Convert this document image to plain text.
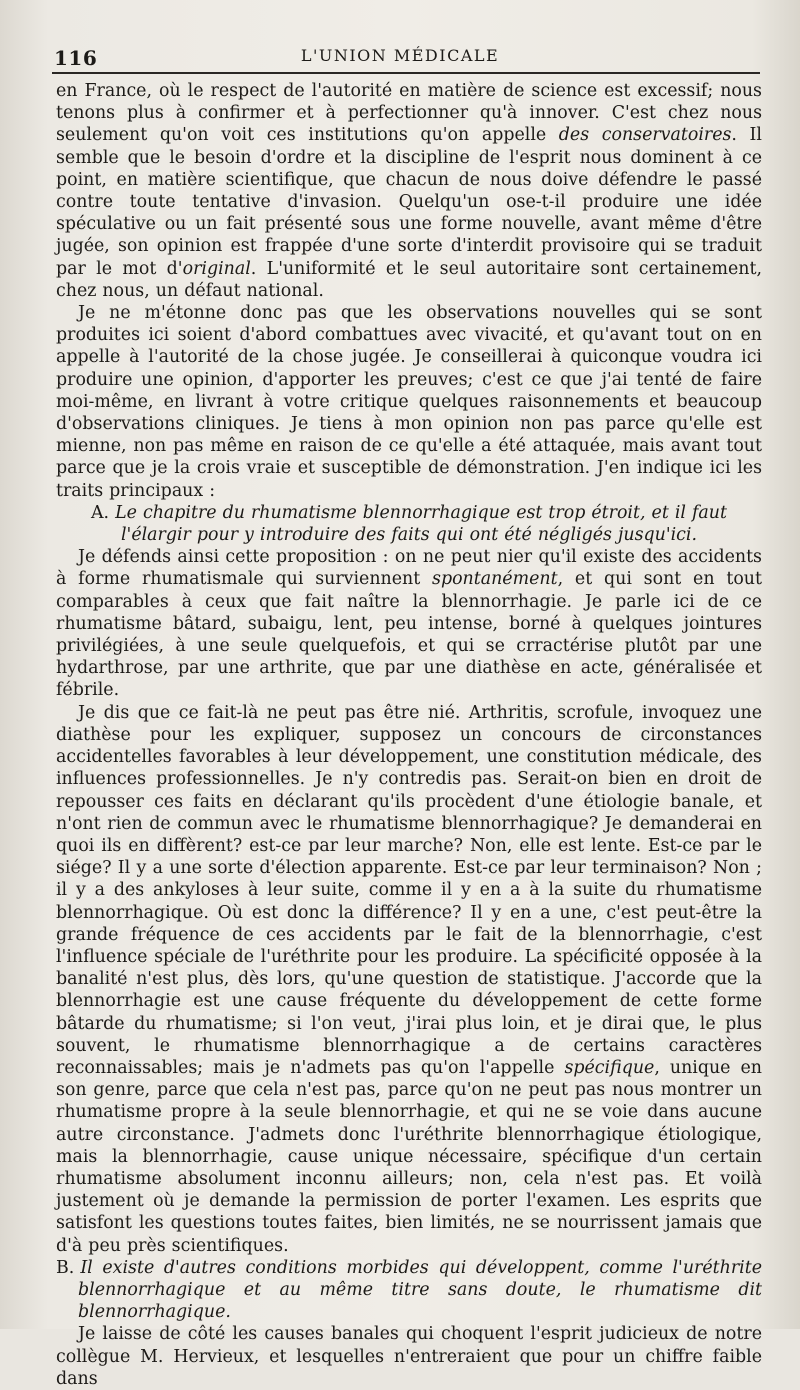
116	L'UNION MÉDICALE

en France, où le respect de l'autorité en matière de science est excessif; nous tenons plus à confirmer et à perfectionner qu'à innover. C'est chez nous seulement qu'on voit ces institutions qu'on appelle des conservatoires. Il semble que le besoin d'ordre et la discipline de l'esprit nous dominent à ce point, en matière scientifique, que chacun de nous doive défendre le passé contre toute tentative d'invasion. Quelqu'un ose-t-il produire une idée spéculative ou un fait présenté sous une forme nouvelle, avant même d'être jugée, son opinion est frappée d'une sorte d'interdit provisoire qui se traduit par le mot d'original. L'uniformité et le seul autoritaire sont certainement, chez nous, un défaut national.

Je ne m'étonne donc pas que les observations nouvelles qui se sont produites ici soient d'abord combattues avec vivacité, et qu'avant tout on en appelle à l'autorité de la chose jugée. Je conseillerai à quiconque voudra ici produire une opinion, d'apporter les preuves; c'est ce que j'ai tenté de faire moi-même, en livrant à votre critique quelques raisonnements et beaucoup d'observations cliniques. Je tiens à mon opinion non pas parce qu'elle est mienne, non pas même en raison de ce qu'elle a été attaquée, mais avant tout parce que je la crois vraie et susceptible de démonstration. J'en indique ici les traits principaux :

A. Le chapitre du rhumatisme blennorrhagique est trop étroit, et il faut l'élargir pour y introduire des faits qui ont été négligés jusqu'ici.

Je défends ainsi cette proposition : on ne peut nier qu'il existe des accidents à forme rhumatismale qui surviennent spontanément, et qui sont en tout comparables à ceux que fait naître la blennorrhagie. Je parle ici de ce rhumatisme bâtard, subaigu, lent, peu intense, borné à quelques jointures privilégiées, à une seule quelquefois, et qui se crractérise plutôt par une hydarthrose, par une arthrite, que par une diathèse en acte, généralisée et fébrile.

Je dis que ce fait-là ne peut pas être nié. Arthritis, scrofule, invoquez une diathèse pour les expliquer, supposez un concours de circonstances accidentelles favorables à leur développement, une constitution médicale, des influences professionnelles. Je n'y contredis pas. Serait-on bien en droit de repousser ces faits en déclarant qu'ils procèdent d'une étiologie banale, et n'ont rien de commun avec le rhumatisme blennorrhagique? Je demanderai en quoi ils en diffèrent? est-ce par leur marche? Non, elle est lente. Est-ce par le siége? Il y a une sorte d'élection apparente. Est-ce par leur terminaison? Non ; il y a des ankyloses à leur suite, comme il y en a à la suite du rhumatisme blennorrhagique. Où est donc la différence? Il y en a une, c'est peut-être la grande fréquence de ces accidents par le fait de la blennorrhagie, c'est l'influence spéciale de l'uréthrite pour les produire. La spécificité opposée à la banalité n'est plus, dès lors, qu'une question de statistique. J'accorde que la blennorrhagie est une cause fréquente du développement de cette forme bâtarde du rhumatisme; si l'on veut, j'irai plus loin, et je dirai que, le plus souvent, le rhumatisme blennorrhagique a de certains caractères reconnaissables; mais je n'admets pas qu'on l'appelle spécifique, unique en son genre, parce que cela n'est pas, parce qu'on ne peut pas nous montrer un rhumatisme propre à la seule blennorrhagie, et qui ne se voie dans aucune autre circonstance. J'admets donc l'uréthrite blennorrhagique étiologique, mais la blennorrhagie, cause unique nécessaire, spécifique d'un certain rhumatisme absolument inconnu ailleurs; non, cela n'est pas. Et voilà justement où je demande la permission de porter l'examen. Les esprits que satisfont les questions toutes faites, bien limités, ne se nourrissent jamais que d'à peu près scientifiques.

B. Il existe d'autres conditions morbides qui développent, comme l'uréthrite blennorrhagique et au même titre sans doute, le rhumatisme dit blennorrhagique.

Je laisse de côté les causes banales qui choquent l'esprit judicieux de notre collègue M. Hervieux, et lesquelles n'entreraient que pour un chiffre faible dans
